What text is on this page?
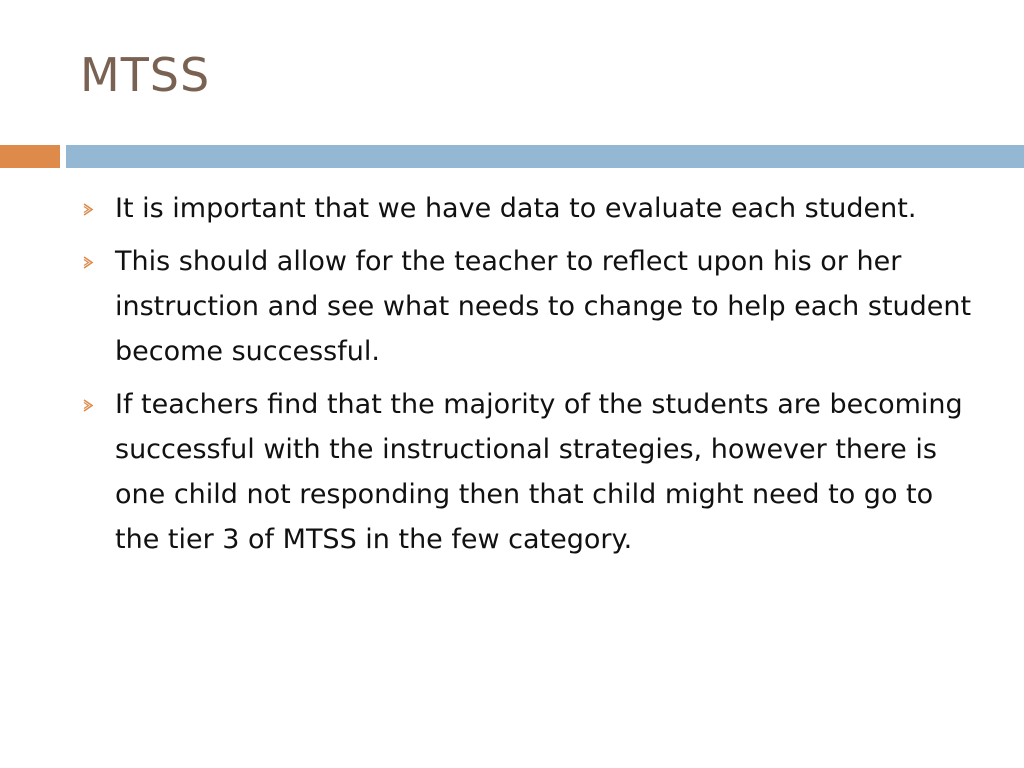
MTSS
It is important that we have data to evaluate each student.
This should allow for the teacher to reflect upon his or her instruction and see what needs to change to help each student become successful.
If teachers find that the majority of the students are becoming successful with the instructional strategies, however there is one child not responding then that child might need to go to the tier 3 of MTSS in the few category.
